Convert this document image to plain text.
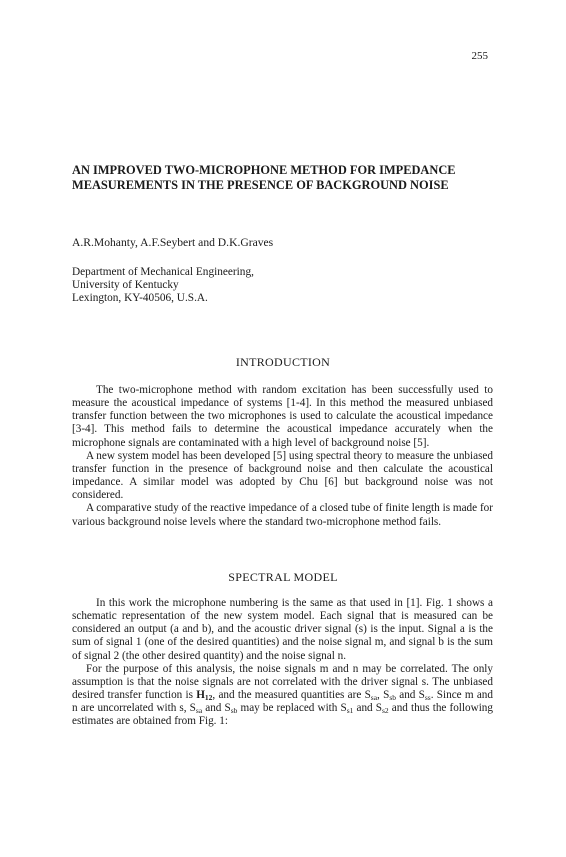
255
AN IMPROVED TWO-MICROPHONE METHOD FOR IMPEDANCE
MEASUREMENTS IN THE PRESENCE OF BACKGROUND NOISE
A.R.Mohanty, A.F.Seybert and D.K.Graves
Department of Mechanical Engineering,
University of Kentucky
Lexington, KY-40506, U.S.A.
INTRODUCTION

The two-microphone method with random excitation has been successfully used to measure the acoustical impedance of systems [1-4]. In this method the measured unbiased transfer function between the two microphones is used to calculate the acoustical impedance [3-4]. This method fails to determine the acoustical impedance accurately when the microphone signals are contaminated with a high level of background noise [5].

A new system model has been developed [5] using spectral theory to measure the unbiased transfer function in the presence of background noise and then calculate the acoustical impedance. A similar model was adopted by Chu [6] but background noise was not considered.

A comparative study of the reactive impedance of a closed tube of finite length is made for various background noise levels where the standard two-microphone method fails.

SPECTRAL MODEL

In this work the microphone numbering is the same as that used in [1]. Fig. 1 shows a schematic representation of the new system model. Each signal that is measured can be considered an output (a and b), and the acoustic driver signal (s) is the input. Signal a is the sum of signal 1 (one of the desired quantities) and the noise signal m, and signal b is the sum of signal 2 (the other desired quantity) and the noise signal n.

For the purpose of this analysis, the noise signals m and n may be correlated. The only assumption is that the noise signals are not correlated with the driver signal s. The unbiased desired transfer function is $H_{12}$, and the measured quantities are $S_{sa}$, $S_{sb}$ and $S_{ss}$. Since m and n are uncorrelated with s, $S_{sa}$ and $S_{sb}$ may be replaced with $S_{s1}$ and $S_{s2}$ and thus the following estimates are obtained from Fig. 1:
